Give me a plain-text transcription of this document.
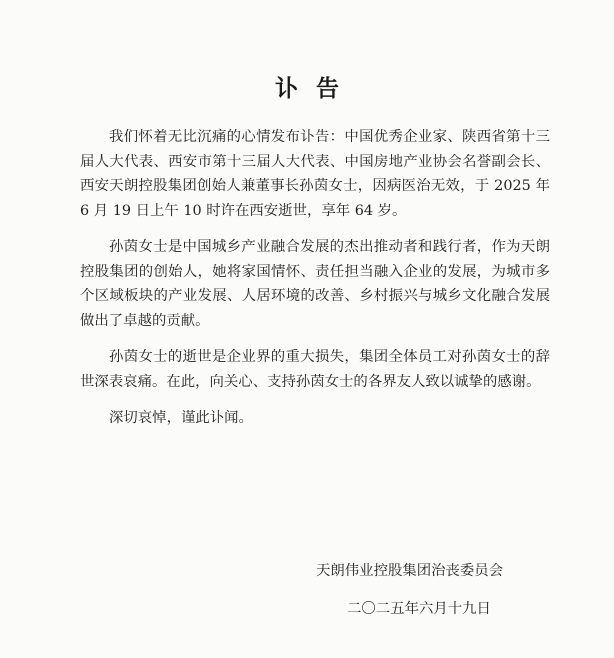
讣告

我们怀着无比沉痛的心情发布讣告：中国优秀企业家、陕西省第十三届人大代表、西安市第十三届人大代表、中国房地产业协会名誉副会长、西安天朗控股集团创始人兼董事长孙茵女士，因病医治无效，于 2025 年 6 月 19 日上午 10 时许在西安逝世，享年 64 岁。

孙茵女士是中国城乡产业融合发展的杰出推动者和践行者，作为天朗控股集团的创始人，她将家国情怀、责任担当融入企业的发展，为城市多个区域板块的产业发展、人居环境的改善、乡村振兴与城乡文化融合发展做出了卓越的贡献。

孙茵女士的逝世是企业界的重大损失，集团全体员工对孙茵女士的辞世深表哀痛。在此，向关心、支持孙茵女士的各界友人致以诚挚的感谢。

深切哀悼，谨此讣闻。

天朗伟业控股集团治丧委员会
二〇二五年六月十九日
